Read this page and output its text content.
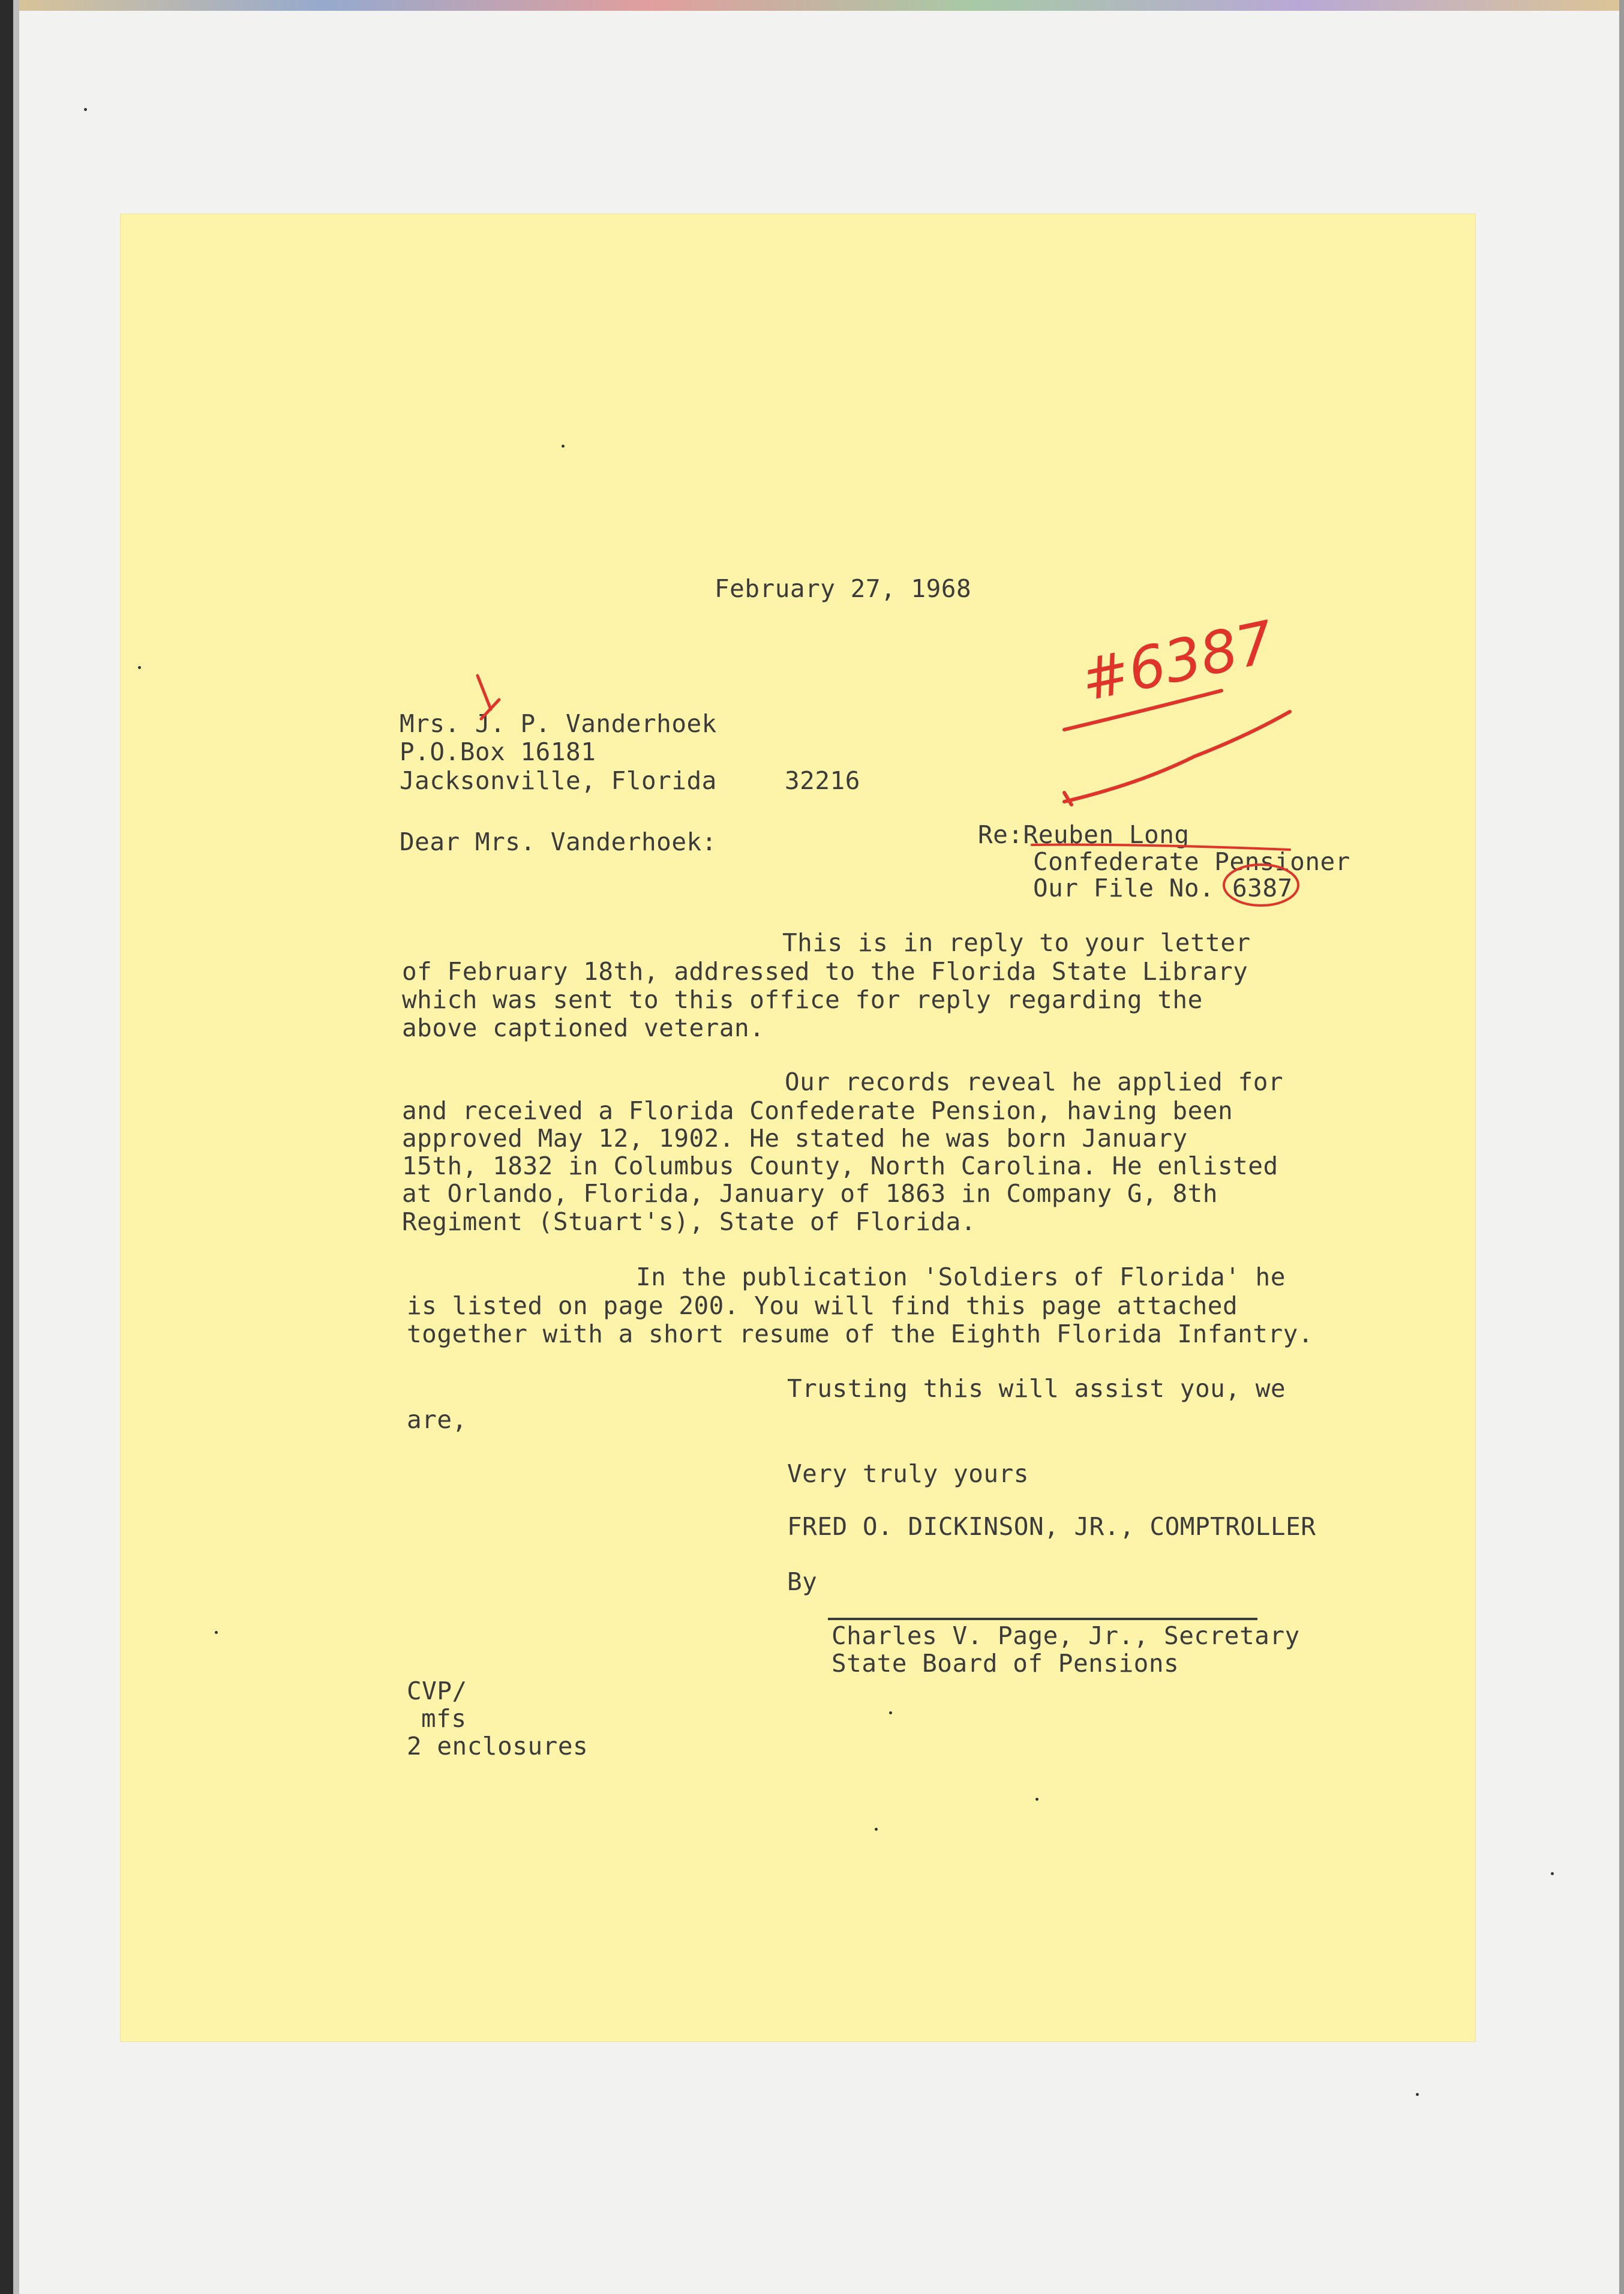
February 27, 1968
Mrs. J. P. Vanderhoek
P.O.Box 16181
Jacksonville, Florida	32216
Dear Mrs. Vanderhoek:	Re:Reuben Long
Confederate Pensioner
Our File No. 6387
This is in reply to your letter
of February 18th, addressed to the Florida State Library
which was sent to this office for reply regarding the
above captioned veteran.
Our records reveal he applied for
and received a Florida Confederate Pension, having been
approved May 12, 1902. He stated he was born January
15th, 1832 in Columbus County, North Carolina. He enlisted
at Orlando, Florida, January of 1863 in Company G, 8th
Regiment (Stuart's), State of Florida.
In the publication 'Soldiers of Florida' he
is listed on page 200. You will find this page attached
together with a short resume of the Eighth Florida Infantry.
Trusting this will assist you, we
are,
Very truly yours
FRED O. DICKINSON, JR., COMPTROLLER
By
Charles V. Page, Jr., Secretary
State Board of Pensions
CVP/
mfs
2 enclosures
#6387
